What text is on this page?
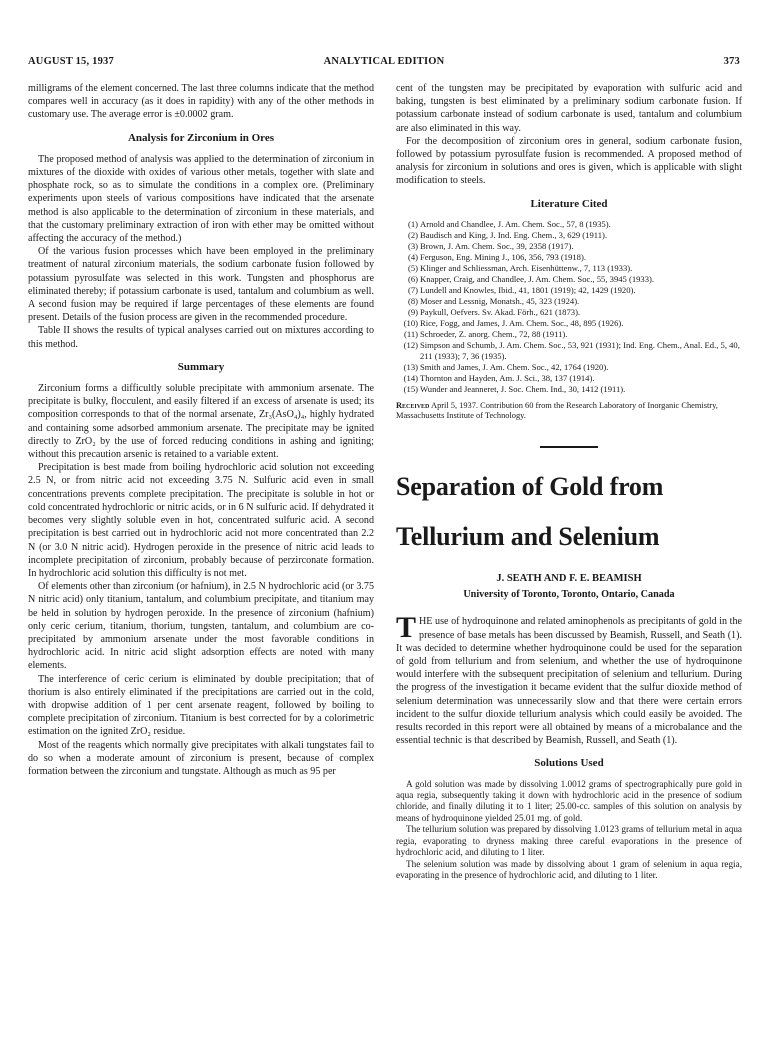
AUGUST 15, 1937	ANALYTICAL EDITION	373

milligrams of the element concerned. The last three columns indicate that the method compares well in accuracy (as it does in rapidity) with any of the other methods in customary use. The average error is ±0.0002 gram.

Analysis for Zirconium in Ores

The proposed method of analysis was applied to the determination of zirconium in mixtures of the dioxide with oxides of various other metals, together with slate and phosphate rock, so as to simulate the conditions in a complex ore. (Preliminary experiments upon steels of various compositions have indicated that the arsenate method is also applicable to the determination of zirconium in these materials, and that the customary preliminary extraction of iron with ether may be omitted without affecting the accuracy of the method.)

Of the various fusion processes which have been employed in the preliminary treatment of natural zirconium materials, the sodium carbonate fusion followed by potassium pyrosulfate was selected in this work. Tungsten and phosphorus are eliminated thereby; if potassium carbonate is used, tantalum and columbium as well. A second fusion may be required if large percentages of these elements are found present. Details of the fusion process are given in the recommended procedure.

Table II shows the results of typical analyses carried out on mixtures according to this method.

Summary

Zirconium forms a difficultly soluble precipitate with ammonium arsenate. The precipitate is bulky, flocculent, and easily filtered if an excess of arsenate is used; its composition corresponds to that of the normal arsenate, Zr₃(AsO₄)₄, highly hydrated and containing some adsorbed ammonium arsenate. The precipitate may be ignited directly to ZrO₂ by the use of forced reducing conditions in ashing and igniting; without this precaution arsenic is retained to a variable extent.

Precipitation is best made from boiling hydrochloric acid solution not exceeding 2.5 N, or from nitric acid not exceeding 3.75 N. Sulfuric acid even in small concentrations prevents complete precipitation. The precipitate is soluble in hot or cold concentrated hydrochloric or nitric acids, or in 6 N sulfuric acid. If dehydrated it becomes very slightly soluble even in hot, concentrated sulfuric acid. A second precipitation is best carried out in hydrochloric acid not more concentrated than 2.2 N (or 3.0 N nitric acid). Hydrogen peroxide in the presence of nitric acid leads to incomplete precipitation of zirconium, probably because of perzirconate formation. In hydrochloric acid solution this difficulty is not met.

Of elements other than zirconium (or hafnium), in 2.5 N hydrochloric acid (or 3.75 N nitric acid) only titanium, tantalum, and columbium precipitate, and titanium may be held in solution by hydrogen peroxide. In the presence of zirconium (hafnium) only ceric cerium, titanium, thorium, tungsten, tantalum, and columbium are co-precipitated by ammonium arsenate under the most favorable conditions in hydrochloric acid. In nitric acid slight adsorption effects are noted with many elements.

The interference of ceric cerium is eliminated by double precipitation; that of thorium is also entirely eliminated if the precipitations are carried out in the cold, with dropwise addition of 1 per cent arsenate reagent, followed by boiling to complete precipitation of zirconium. Titanium is best corrected for by a colorimetric estimation on the ignited ZrO₂ residue.

Most of the reagents which normally give precipitates with alkali tungstates fail to do so when a moderate amount of zirconium is present, because of complex formation between the zirconium and tungstate. Although as much as 95 per

cent of the tungsten may be precipitated by evaporation with sulfuric acid and baking, tungsten is best eliminated by a preliminary sodium carbonate fusion. If potassium carbonate instead of sodium carbonate is used, tantalum and columbium are also eliminated in this way.

For the decomposition of zirconium ores in general, sodium carbonate fusion, followed by potassium pyrosulfate fusion is recommended. A proposed method of analysis for zirconium in solutions and ores is given, which is applicable with slight modification to steels.

Literature Cited
(1) Arnold and Chandlee, J. Am. Chem. Soc., 57, 8 (1935).
(2) Baudisch and King, J. Ind. Eng. Chem., 3, 629 (1911).
(3) Brown, J. Am. Chem. Soc., 39, 2358 (1917).
(4) Ferguson, Eng. Mining J., 106, 356, 793 (1918).
(5) Klinger and Schliessman, Arch. Eisenhüttenw., 7, 113 (1933).
(6) Knapper, Craig, and Chandlee, J. Am. Chem. Soc., 55, 3945 (1933).
(7) Lundell and Knowles, Ibid., 41, 1801 (1919); 42, 1429 (1920).
(8) Moser and Lessnig, Monatsh., 45, 323 (1924).
(9) Paykull, Oefvers. Sv. Akad. Förh., 621 (1873).
(10) Rice, Fogg, and James, J. Am. Chem. Soc., 48, 895 (1926).
(11) Schroeder, Z. anorg. Chem., 72, 88 (1911).
(12) Simpson and Schumb, J. Am. Chem. Soc., 53, 921 (1931); Ind. Eng. Chem., Anal. Ed., 5, 40, 211 (1933); 7, 36 (1935).
(13) Smith and James, J. Am. Chem. Soc., 42, 1764 (1920).
(14) Thornton and Hayden, Am. J. Sci., 38, 137 (1914).
(15) Wunder and Jeanneret, J. Soc. Chem. Ind., 30, 1412 (1911).

Received April 5, 1937. Contribution 60 from the Research Laboratory of Inorganic Chemistry, Massachusetts Institute of Technology.

Separation of Gold from
Tellurium and Selenium
J. SEATH AND F. E. BEAMISH
University of Toronto, Toronto, Ontario, Canada

THE use of hydroquinone and related aminophenols as precipitants of gold in the presence of base metals has been discussed by Beamish, Russell, and Seath (1). It was decided to determine whether hydroquinone could be used for the separation of gold from tellurium and from selenium, and whether the use of hydroquinone would interfere with the subsequent precipitation of selenium and tellurium. During the progress of the investigation it became evident that the sulfur dioxide method of selenium determination was unnecessarily slow and that there were certain errors incident to the sulfur dioxide tellurium analysis which could easily be avoided. The results recorded in this report were all obtained by means of a microbalance and the essential technic is that described by Beamish, Russell, and Seath (1).

Solutions Used

A gold solution was made by dissolving 1.0012 grams of spectrographically pure gold in aqua regia, subsequently taking it down with hydrochloric acid in the presence of sodium chloride, and finally diluting it to 1 liter; 25.00-cc. samples of this solution on analysis by means of hydroquinone yielded 25.01 mg. of gold.

The tellurium solution was prepared by dissolving 1.0123 grams of tellurium metal in aqua regia, evaporating to dryness making three careful evaporations in the presence of hydrochloric acid, and diluting to 1 liter.

The selenium solution was made by dissolving about 1 gram of selenium in aqua regia, evaporating in the presence of hydrochloric acid, and diluting to 1 liter.
